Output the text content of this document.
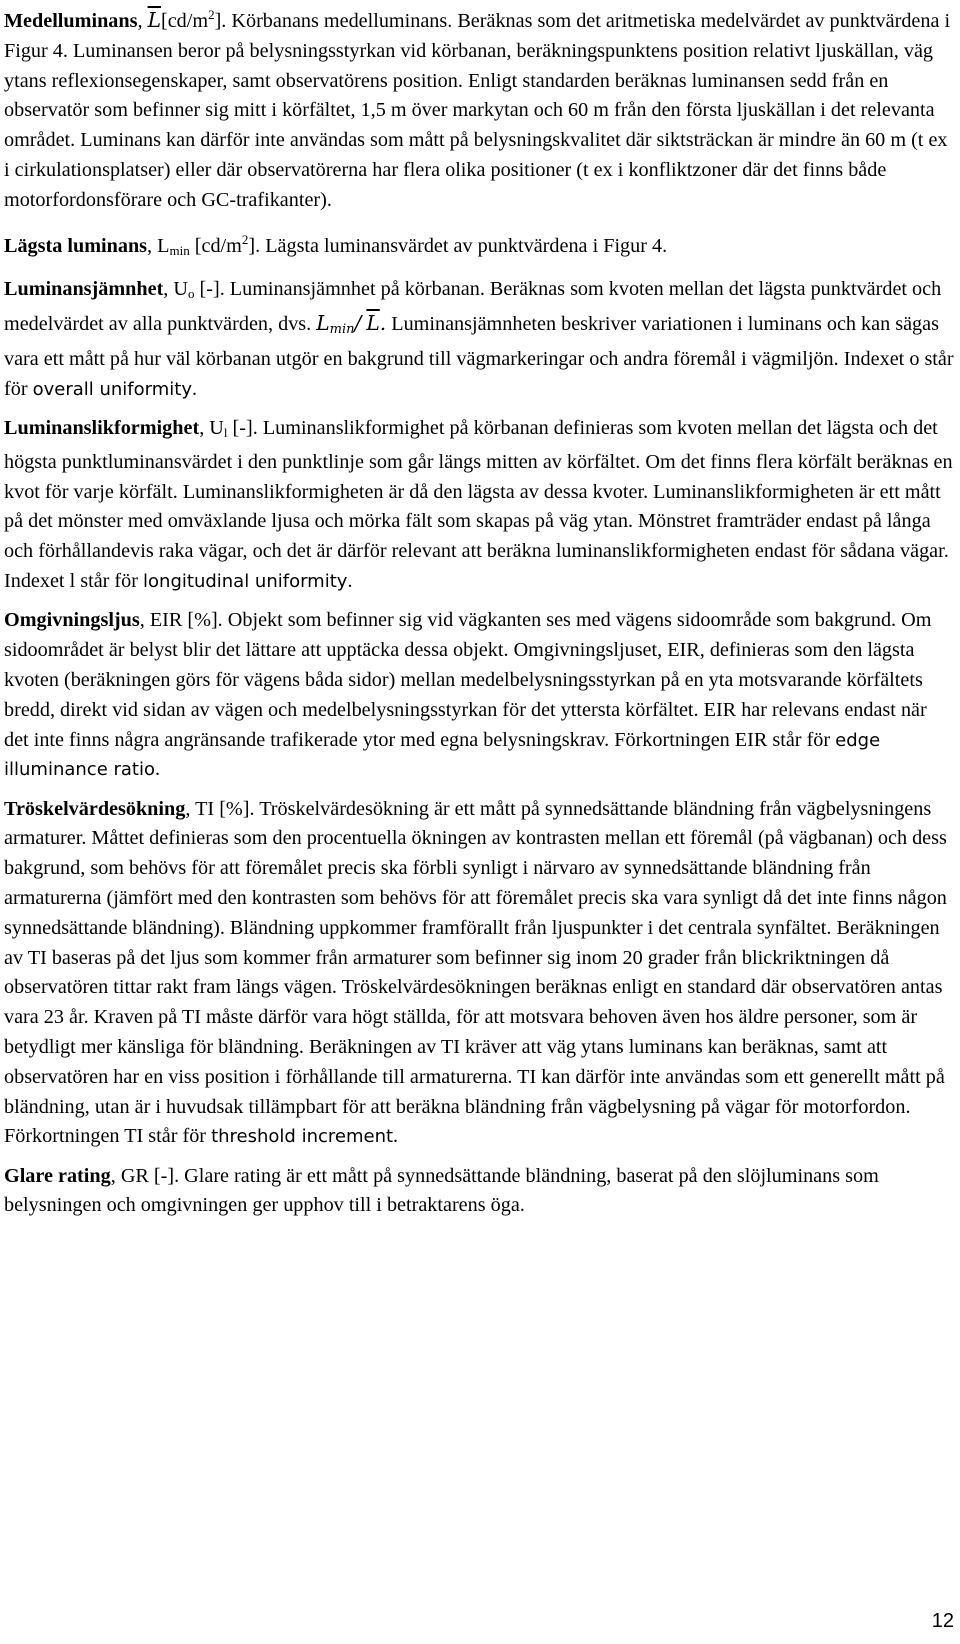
Medelluminans, $\overline{L}[cd/m^2]$. Körbanans medelluminans. Beräknas som det aritmetiska medelvärdet av punktvärdena i Figur 4. Luminansen beror på belysningsstyrkan vid körbanan, beräkningspunktens position relativt ljuskällan, väg ytans reflexionsegenskaper, samt observatörens position. Enligt standarden beräknas luminansen sedd från en observatör som befinner sig mitt i körfältet, 1,5 m över markytan och 60 m från den första ljuskällan i det relevanta området. Luminans kan därför inte användas som mått på belysningskvalitet där siktsträckan är mindre än 60 m (t ex i cirkulationsplatser) eller där observatörerna har flera olika positioner (t ex i konfliktzoner där det finns både motorfordonsförare och GC-trafikanter).

Lägsta luminans, $L_{min}$ $[cd/m^2]$. Lägsta luminansvärdet av punktvärdena i Figur 4.

Luminansjämnhet, $U_o$ [-]. Luminansjämnhet på körbanan. Beräknas som kvoten mellan det lägsta punktvärdet och medelvärdet av alla punktvärden, dvs. $L_{min}/$ $\overline{L}$. Luminansjämnheten beskriver variationen i luminans och kan sägas vara ett mått på hur väl körbanan utgör en bakgrund till vägmarkeringar och andra föremål i vägmiljön. Indexet o står för overall uniformity.

Luminanslikformighet, $U_l$ [-]. Luminanslikformighet på körbanan definieras som kvoten mellan det lägsta och det högsta punktluminansvärdet i den punktlinje som går längs mitten av körfältet. Om det finns flera körfält beräknas en kvot för varje körfält. Luminanslikformigheten är då den lägsta av dessa kvoter. Luminanslikformigheten är ett mått på det mönster med omväxlande ljusa och mörka fält som skapas på väg ytan. Mönstret framträder endast på långa och förhållandevis raka vägar, och det är därför relevant att beräkna luminanslikformigheten endast för sådana vägar. Indexet l står för longitudinal uniformity.

Omgivningsljus, EIR [%]. Objekt som befinner sig vid vägkanten ses med vägens sidoområde som bakgrund. Om sidoområdet är belyst blir det lättare att upptäcka dessa objekt. Omgivningsljuset, EIR, definieras som den lägsta kvoten (beräkningen görs för vägens båda sidor) mellan medelbelysningsstyrkan på en yta motsvarande körfältets bredd, direkt vid sidan av vägen och medelbelysningsstyrkan för det yttersta körfältet. EIR har relevans endast när det inte finns några angränsande trafikerade ytor med egna belysningskrav. Förkortningen EIR står för edge illuminance ratio.

Tröskelvärdesökning, TI [%]. Tröskelvärdesökning är ett mått på synnedsättande bländning från vägbelysningens armaturer. Måttet definieras som den procentuella ökningen av kontrasten mellan ett föremål (på vägbanan) och dess bakgrund, som behövs för att föremålet precis ska förbli synligt i närvaro av synnedsättande bländning från armaturerna (jämfört med den kontrasten som behövs för att föremålet precis ska vara synligt då det inte finns någon synnedsättande bländning). Bländning uppkommer framförallt från ljuspunkter i det centrala synfältet. Beräkningen av TI baseras på det ljus som kommer från armaturer som befinner sig inom 20 grader från blickriktningen då observatören tittar rakt fram längs vägen. Tröskelvärdesökningen beräknas enligt en standard där observatören antas vara 23 år. Kraven på TI måste därför vara högt ställda, för att motsvara behoven även hos äldre personer, som är betydligt mer känsliga för bländning. Beräkningen av TI kräver att väg ytans luminans kan beräknas, samt att observatören har en viss position i förhållande till armaturerna. TI kan därför inte användas som ett generellt mått på bländning, utan är i huvudsak tillämpbart för att beräkna bländning från vägbelysning på vägar för motorfordon. Förkortningen TI står för threshold increment.

Glare rating, GR [-]. Glare rating är ett mått på synnedsättande bländning, baserat på den slöjluminans som belysningen och omgivningen ger upphov till i betraktarens öga.

12
